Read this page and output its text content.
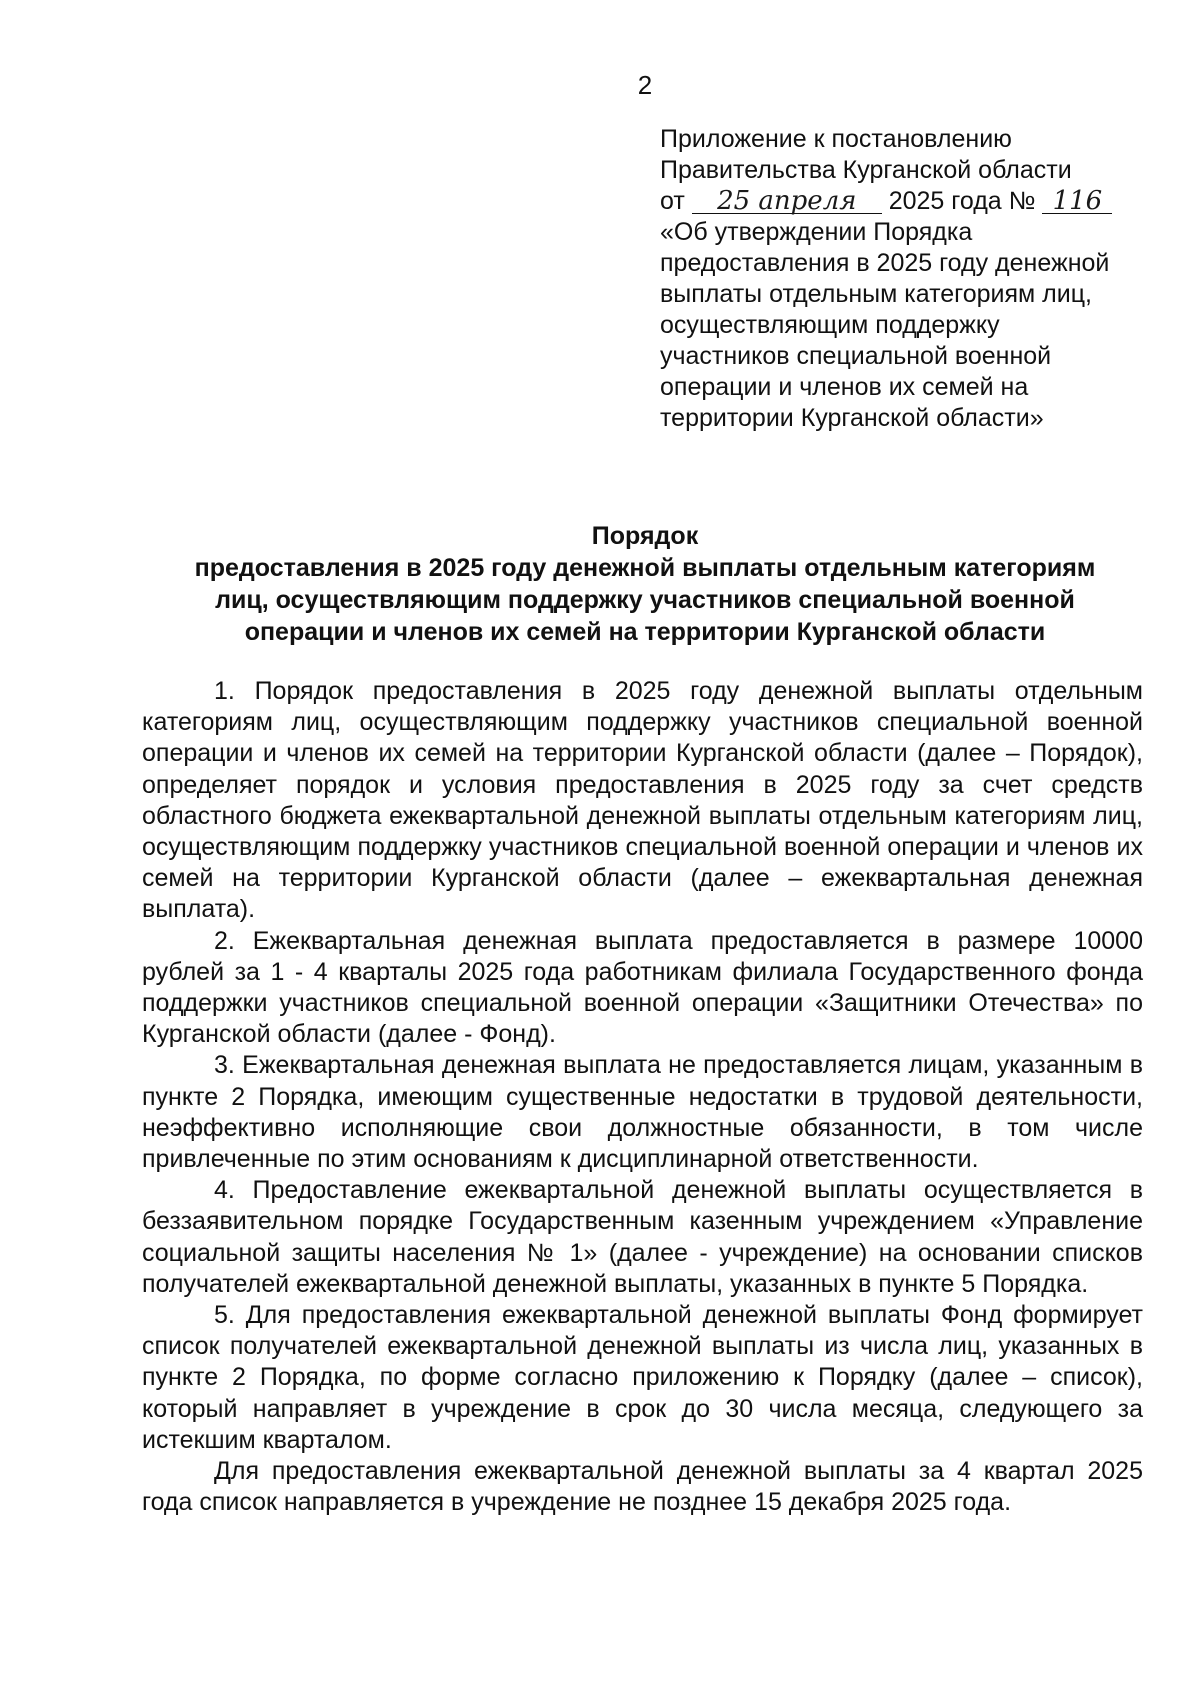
2
Приложение к постановлению
Правительства Курганской области
от 25 апреля 2025 года № 116
«Об утверждении Порядка
предоставления в 2025 году денежной
выплаты отдельным категориям лиц,
осуществляющим поддержку
участников специальной военной
операции и членов их семей на
территории Курганской области»
Порядок
предоставления в 2025 году денежной выплаты отдельным категориям
лиц, осуществляющим поддержку участников специальной военной
операции и членов их семей на территории Курганской области

1. Порядок предоставления в 2025 году денежной выплаты отдельным категориям лиц, осуществляющим поддержку участников специальной военной операции и членов их семей на территории Курганской области (далее – Порядок), определяет порядок и условия предоставления в 2025 году за счет средств областного бюджета ежеквартальной денежной выплаты отдельным категориям лиц, осуществляющим поддержку участников специальной военной операции и членов их семей на территории Курганской области (далее – ежеквартальная денежная выплата).

2. Ежеквартальная денежная выплата предоставляется в размере 10000 рублей за 1 - 4 кварталы 2025 года работникам филиала Государственного фонда поддержки участников специальной военной операции «Защитники Отечества» по Курганской области (далее - Фонд).

3. Ежеквартальная денежная выплата не предоставляется лицам, указанным в пункте 2 Порядка, имеющим существенные недостатки в трудовой деятельности, неэффективно исполняющие свои должностные обязанности, в том числе привлеченные по этим основаниям к дисциплинарной ответственности.

4. Предоставление ежеквартальной денежной выплаты осуществляется в беззаявительном порядке Государственным казенным учреждением «Управление социальной защиты населения № 1» (далее - учреждение) на основании списков получателей ежеквартальной денежной выплаты, указанных в пункте 5 Порядка.

5. Для предоставления ежеквартальной денежной выплаты Фонд формирует список получателей ежеквартальной денежной выплаты из числа лиц, указанных в пункте 2 Порядка, по форме согласно приложению к Порядку (далее – список), который направляет в учреждение в срок до 30 числа месяца, следующего за истекшим кварталом.

Для предоставления ежеквартальной денежной выплаты за 4 квартал 2025 года список направляется в учреждение не позднее 15 декабря 2025 года.
